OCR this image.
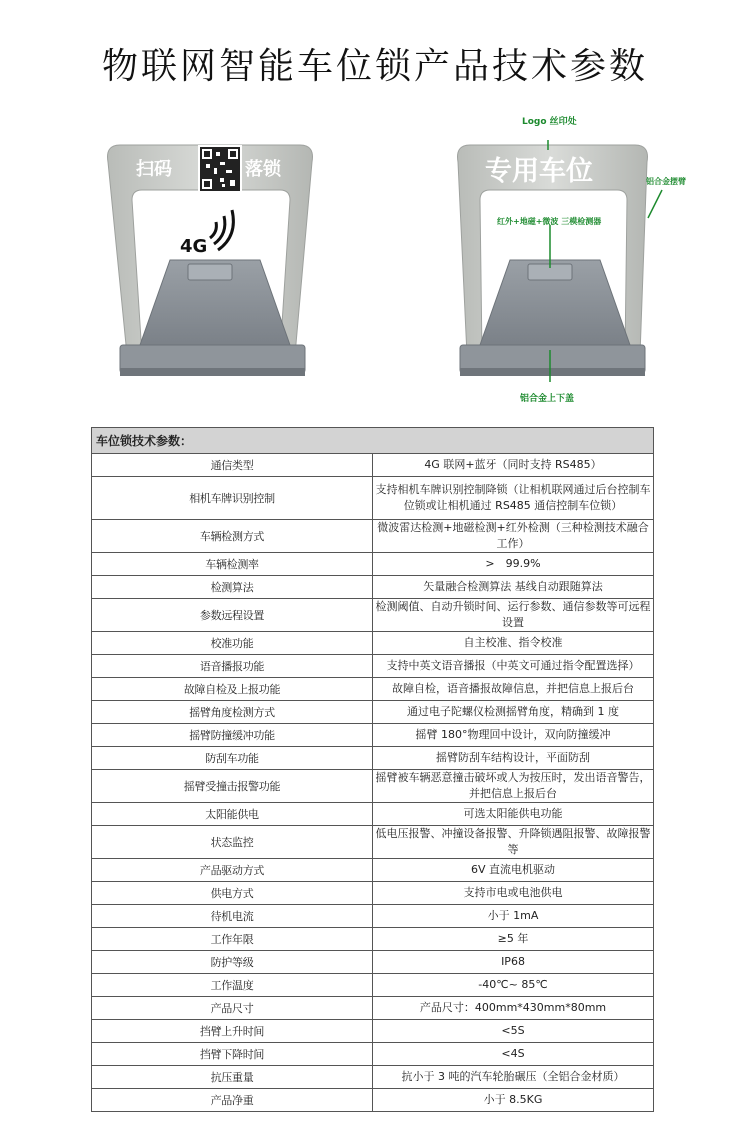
物联网智能车位锁产品技术参数
扫码	落锁
4G
专用车位
Logo 丝印处
铝合金摆臂
红外+地磁+微波 三模检测器
铝合金上下盖
车位锁技术参数：	
通信类型	4G 联网+蓝牙（同时支持 RS485）
相机车牌识别控制	支持相机车牌识别控制降锁（让相机联网通过后台控制车位锁或让相机通过 RS485 通信控制车位锁）
车辆检测方式	微波雷达检测+地磁检测+红外检测（三种检测技术融合工作）
车辆检测率	>　99.9%
检测算法	矢量融合检测算法 基线自动跟随算法
参数远程设置	检测阈值、自动升锁时间、运行参数、通信参数等可远程设置
校准功能	自主校准、指令校准
语音播报功能	支持中英文语音播报（中英文可通过指令配置选择）
故障自检及上报功能	故障自检，语音播报故障信息，并把信息上报后台
摇臂角度检测方式	通过电子陀螺仪检测摇臂角度，精确到 1 度
摇臂防撞缓冲功能	摇臂 180°物理回中设计，双向防撞缓冲
防刮车功能	摇臂防刮车结构设计，平面防刮
摇臂受撞击报警功能	摇臂被车辆恶意撞击破坏或人为按压时，发出语音警告，并把信息上报后台
太阳能供电	可选太阳能供电功能
状态监控	低电压报警、冲撞设备报警、升降锁遇阻报警、故障报警等
产品驱动方式	6V 直流电机驱动
供电方式	支持市电或电池供电
待机电流	小于 1mA
工作年限	≥5 年
防护等级	IP68
工作温度	-40℃~ 85℃
产品尺寸	产品尺寸：400mm*430mm*80mm
挡臂上升时间	<5S
挡臂下降时间	<4S
抗压重量	抗小于 3 吨的汽车轮胎碾压（全铝合金材质）
产品净重	小于 8.5KG
